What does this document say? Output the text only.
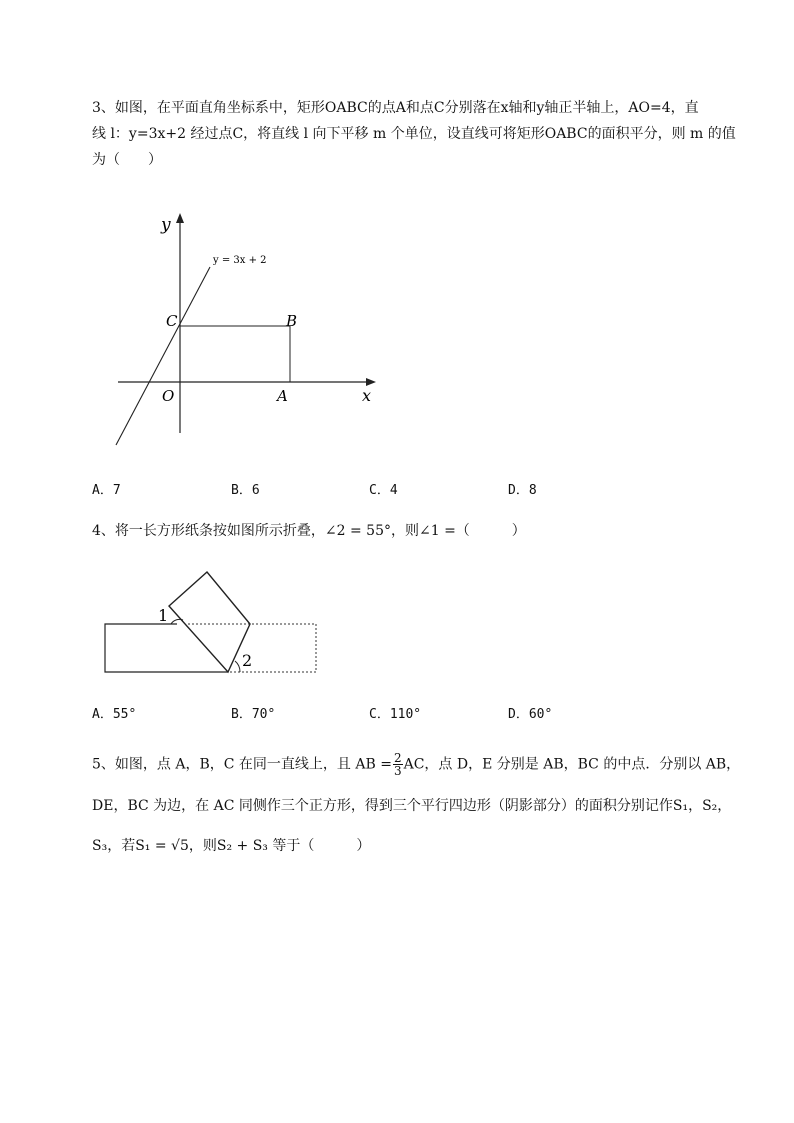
3、如图，在平面直角坐标系中，矩形OABC的点A和点C分别落在x轴和y轴正半轴上，AO=4，直
线 l：y=3x+2 经过点C，将直线 l 向下平移 m 个单位，设直线可将矩形OABC的面积平分，则 m 的值
为（　　）
y
x
O	A
B
C
y = 3x + 2
A．7	B．6	C．4	D．8
4、将一长方形纸条按如图所示折叠，∠2 = 55°，则∠1 =（　　　）
1
2
A．55°	B．70°	C．110°	D．60°
5、如图，点 A，B，C 在同一直线上，且 AB = $\frac{2}{3}$ AC，点 D，E 分别是 AB，BC 的中点．分别以 AB，
DE，BC 为边，在 AC 同侧作三个正方形，得到三个平行四边形（阴影部分）的面积分别记作S₁，S₂，
S₃，若S₁ = √5，则S₂ + S₃ 等于（　　　）
